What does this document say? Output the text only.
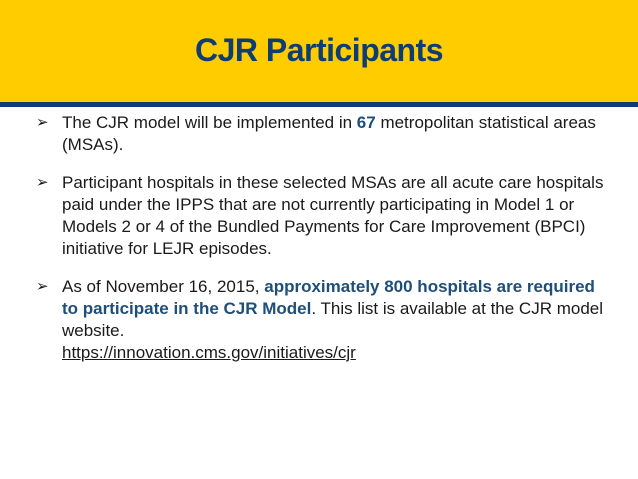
CJR Participants
➢ The CJR model will be implemented in 67 metropolitan statistical areas (MSAs).
➢ Participant hospitals in these selected MSAs are all acute care hospitals paid under the IPPS that are not currently participating in Model 1 or Models 2 or 4 of the Bundled Payments for Care Improvement (BPCI) initiative for LEJR episodes.
➢ As of November 16, 2015, approximately 800 hospitals are required to participate in the CJR Model. This list is available at the CJR model website.
https://innovation.cms.gov/initiatives/cjr
